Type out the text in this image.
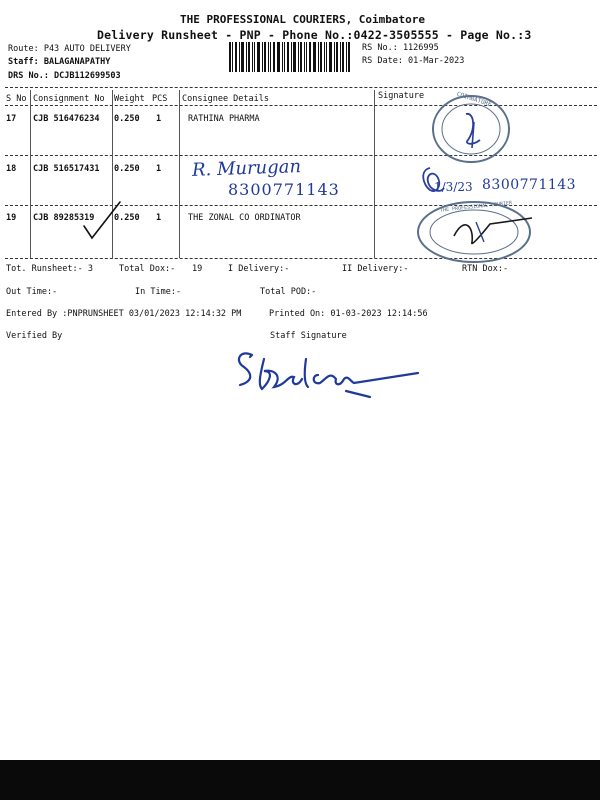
THE PROFESSIONAL COURIERS, Coimbatore
Delivery Runsheet - PNP - Phone No.:0422-3505555 - Page No.:3
Route: P43 AUTO DELIVERY
Staff: BALAGANAPATHY
DRS No.: DCJB112699503
RS No.: 1126995
RS Date: 01-Mar-2023
S No Consignment No Weight PCS Consignee Details	Signature
17 CJB 516476234 0.250 1	RATHINA PHARMA
18 CJB 516517431 0.250 1 R. Murugan
8300771143
19 CJB 89285319 0.250 1	THE ZONAL CO ORDINATOR
COIMBATORE
1/3/23 8300771143
THE PROFESSIONAL COURIER
Tot. Runsheet:- 3	Total Dox:- 19	I Delivery:-	II Delivery:-	RTN Dox:-
Out Time:-	In Time:-	Total POD:-
Entered By :PNPRUNSHEET 03/01/2023 12:14:32 PM	Printed On: 01-03-2023 12:14:56
Verified By	Staff Signature
